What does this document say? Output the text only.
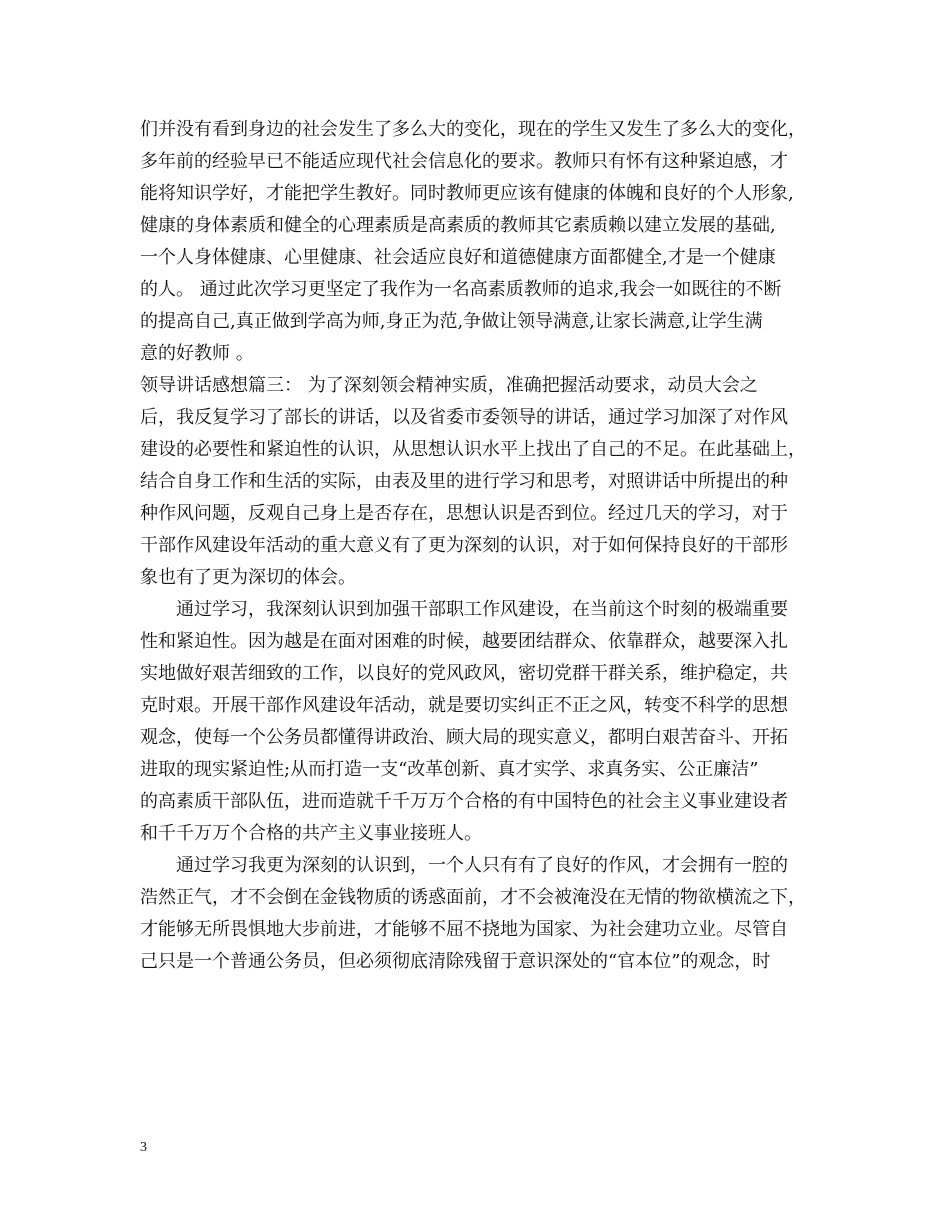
们并没有看到身边的社会发生了多么大的变化，现在的学生又发生了多么大的变化，
多年前的经验早已不能适应现代社会信息化的要求。教师只有怀有这种紧迫感，才
能将知识学好，才能把学生教好。同时教师更应该有健康的体魄和良好的个人形象,
健康的身体素质和健全的心理素质是高素质的教师其它素质赖以建立发展的基础,
一个人身体健康、心里健康、社会适应良好和道德健康方面都健全,才是一个健康
的人。 通过此次学习更坚定了我作为一名高素质教师的追求,我会一如既往的不断
的提高自己,真正做到学高为师,身正为范,争做让领导满意,让家长满意,让学生满
意的好教师 。
领导讲话感想篇三： 为了深刻领会精神实质，准确把握活动要求，动员大会之
后，我反复学习了部长的讲话，以及省委市委领导的讲话，通过学习加深了对作风
建设的必要性和紧迫性的认识，从思想认识水平上找出了自己的不足。在此基础上，
结合自身工作和生活的实际，由表及里的进行学习和思考，对照讲话中所提出的种
种作风问题，反观自己身上是否存在，思想认识是否到位。经过几天的学习，对于
干部作风建设年活动的重大意义有了更为深刻的认识，对于如何保持良好的干部形
象也有了更为深切的体会。
通过学习，我深刻认识到加强干部职工作风建设，在当前这个时刻的极端重要
性和紧迫性。因为越是在面对困难的时候，越要团结群众、依靠群众，越要深入扎
实地做好艰苦细致的工作，以良好的党风政风，密切党群干群关系，维护稳定，共
克时艰。开展干部作风建设年活动，就是要切实纠正不正之风，转变不科学的思想
观念，使每一个公务员都懂得讲政治、顾大局的现实意义，都明白艰苦奋斗、开拓
进取的现实紧迫性;从而打造一支“改革创新、真才实学、求真务实、公正廉洁”
的高素质干部队伍，进而造就千千万万个合格的有中国特色的社会主义事业建设者
和千千万万个合格的共产主义事业接班人。
通过学习我更为深刻的认识到，一个人只有有了良好的作风，才会拥有一腔的
浩然正气，才不会倒在金钱物质的诱惑面前，才不会被淹没在无情的物欲横流之下，
才能够无所畏惧地大步前进，才能够不屈不挠地为国家、为社会建功立业。尽管自
己只是一个普通公务员，但必须彻底清除残留于意识深处的“官本位”的观念，时
3
